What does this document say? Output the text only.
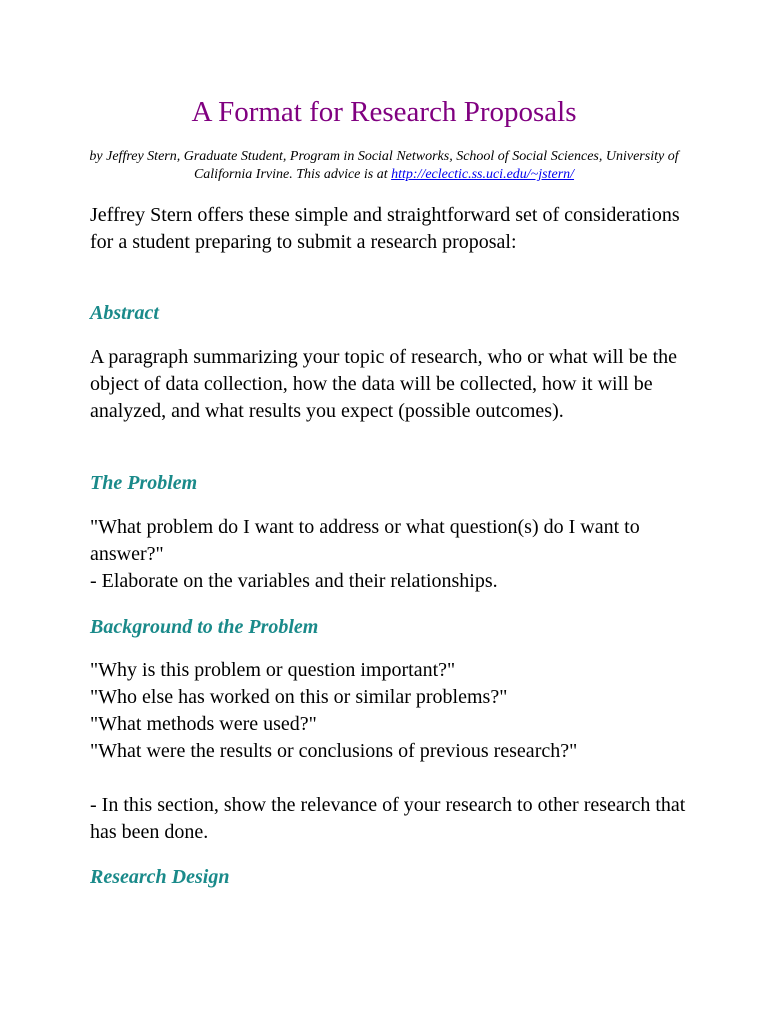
A Format for Research Proposals

by Jeffrey Stern, Graduate Student, Program in Social Networks, School of Social Sciences, University of California Irvine. This advice is at http://eclectic.ss.uci.edu/~jstern/

Jeffrey Stern offers these simple and straightforward set of considerations for a student preparing to submit a research proposal:

Abstract

A paragraph summarizing your topic of research, who or what will be the object of data collection, how the data will be collected, how it will be analyzed, and what results you expect (possible outcomes).

The Problem

"What problem do I want to address or what question(s) do I want to answer?"
- Elaborate on the variables and their relationships.

Background to the Problem

"Why is this problem or question important?"
"Who else has worked on this or similar problems?"
"What methods were used?"
"What were the results or conclusions of previous research?"

- In this section, show the relevance of your research to other research that has been done.

Research Design
